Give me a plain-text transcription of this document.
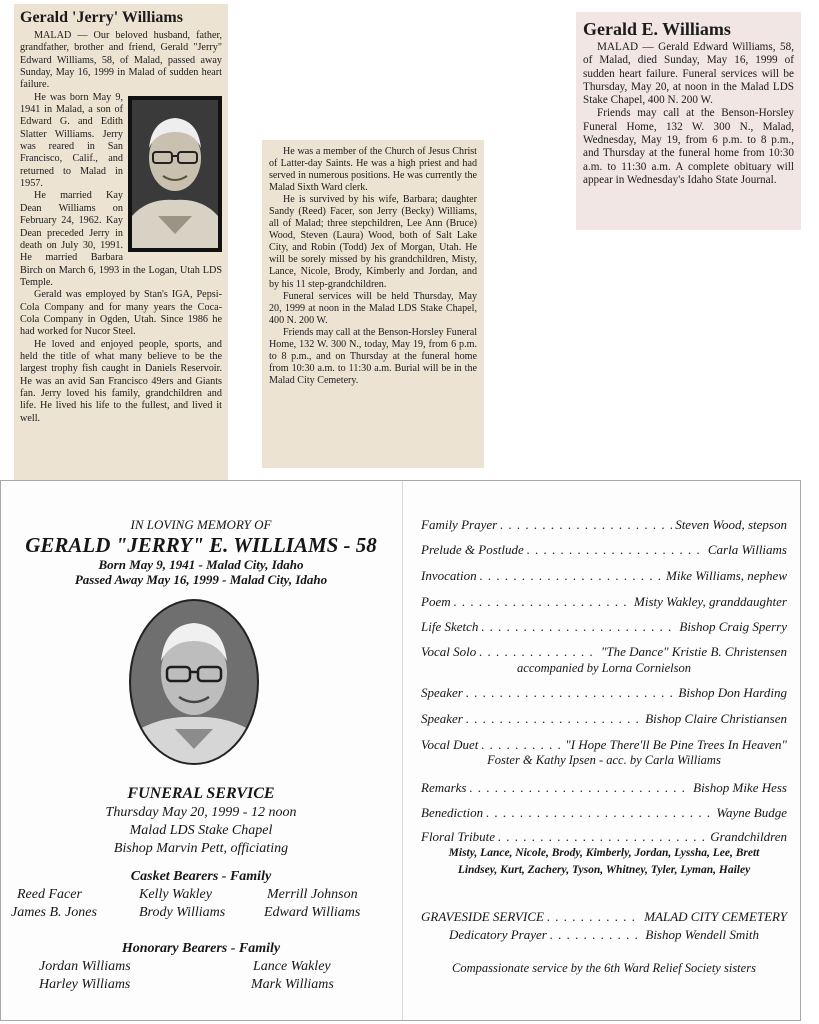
Gerald 'Jerry' Williams

MALAD — Our beloved husband, father, grandfather, brother and friend, Gerald "Jerry" Edward Williams, 58, of Malad, passed away Sunday, May 16, 1999 in Malad of sudden heart failure.

He was born May 9, 1941 in Malad, a son of Edward G. and Edith Slatter Williams. Jerry was reared in San Francisco, Calif., and returned to Malad in 1957.

He married Kay Dean Williams on February 24, 1962. Kay Dean preceded Jerry in death on July 30, 1991. He married Barbara Birch on March 6, 1993 in the Logan, Utah LDS Temple.

Gerald was employed by Stan's IGA, Pepsi-Cola Company and for many years the Coca-Cola Company in Ogden, Utah. Since 1986 he had worked for Nucor Steel.

He loved and enjoyed people, sports, and held the title of what many believe to be the largest trophy fish caught in Daniels Reservoir. He was an avid San Francisco 49ers and Giants fan. Jerry loved his family, grandchildren and life. He lived his life to the fullest, and lived it well.

He was a member of the Church of Jesus Christ of Latter-day Saints. He was a high priest and had served in numerous positions. He was currently the Malad Sixth Ward clerk.

He is survived by his wife, Barbara; daughter Sandy (Reed) Facer, son Jerry (Becky) Williams, all of Malad; three stepchildren, Lee Ann (Bruce) Wood, Steven (Laura) Wood, both of Salt Lake City, and Robin (Todd) Jex of Morgan, Utah. He will be sorely missed by his grandchildren, Misty, Lance, Nicole, Brody, Kimberly and Jordan, and by his 11 step-grandchildren.

Funeral services will be held Thursday, May 20, 1999 at noon in the Malad LDS Stake Chapel, 400 N. 200 W.

Friends may call at the Benson-Horsley Funeral Home, 132 W. 300 N., today, May 19, from 6 p.m. to 8 p.m., and on Thursday at the funeral home from 10:30 a.m. to 11:30 a.m. Burial will be in the Malad City Cemetery.

Gerald E. Williams

MALAD — Gerald Edward Williams, 58, of Malad, died Sunday, May 16, 1999 of sudden heart failure. Funeral services will be Thursday, May 20, at noon in the Malad LDS Stake Chapel, 400 N. 200 W.

Friends may call at the Benson-Horsley Funeral Home, 132 W. 300 N., Malad, Wednesday, May 19, from 6 p.m. to 8 p.m., and Thursday at the funeral home from 10:30 a.m. to 11:30 a.m. A complete obituary will appear in Wednesday's Idaho State Journal.

IN LOVING MEMORY OF
GERALD "JERRY" E. WILLIAMS - 58
Born May 9, 1941 - Malad City, Idaho
Passed Away May 16, 1999 - Malad City, Idaho
FUNERAL SERVICE
Thursday May 20, 1999 - 12 noon
Malad LDS Stake Chapel
Bishop Marvin Pett, officiating
Casket Bearers - Family
Reed Facer	Kelly Wakley	Merrill Johnson
James B. Jones	Brody Williams	Edward Williams
Honorary Bearers - Family
Jordan Williams	Lance Wakley
Harley Williams	Mark Williams
Family Prayer . . .	Steven Wood, stepson
Prelude & Postlude . . .	Carla Williams
Invocation . . .	Mike Williams, nephew
Poem . . .	Misty Wakley, granddaughter
Life Sketch . . .	Bishop Craig Sperry
Vocal Solo . . .	"The Dance" Kristie B. Christensen
accompanied by Lorna Cornielson
Speaker . . .	Bishop Don Harding
Speaker . . .	Bishop Claire Christiansen
Vocal Duet . . .	"I Hope There'll Be Pine Trees In Heaven"
Foster & Kathy Ipsen - acc. by Carla Williams
Remarks . . .	Bishop Mike Hess
Benediction . . .	Wayne Budge
Floral Tribute . . .	Grandchildren
Misty, Lance, Nicole, Brody, Kimberly, Jordan, Lyssha, Lee, Brett
Lindsey, Kurt, Zachery, Tyson, Whitney, Tyler, Lyman, Hailey
GRAVESIDE SERVICE . . .	MALAD CITY CEMETERY
Dedicatory Prayer . . .	Bishop Wendell Smith
Compassionate service by the 6th Ward Relief Society sisters
